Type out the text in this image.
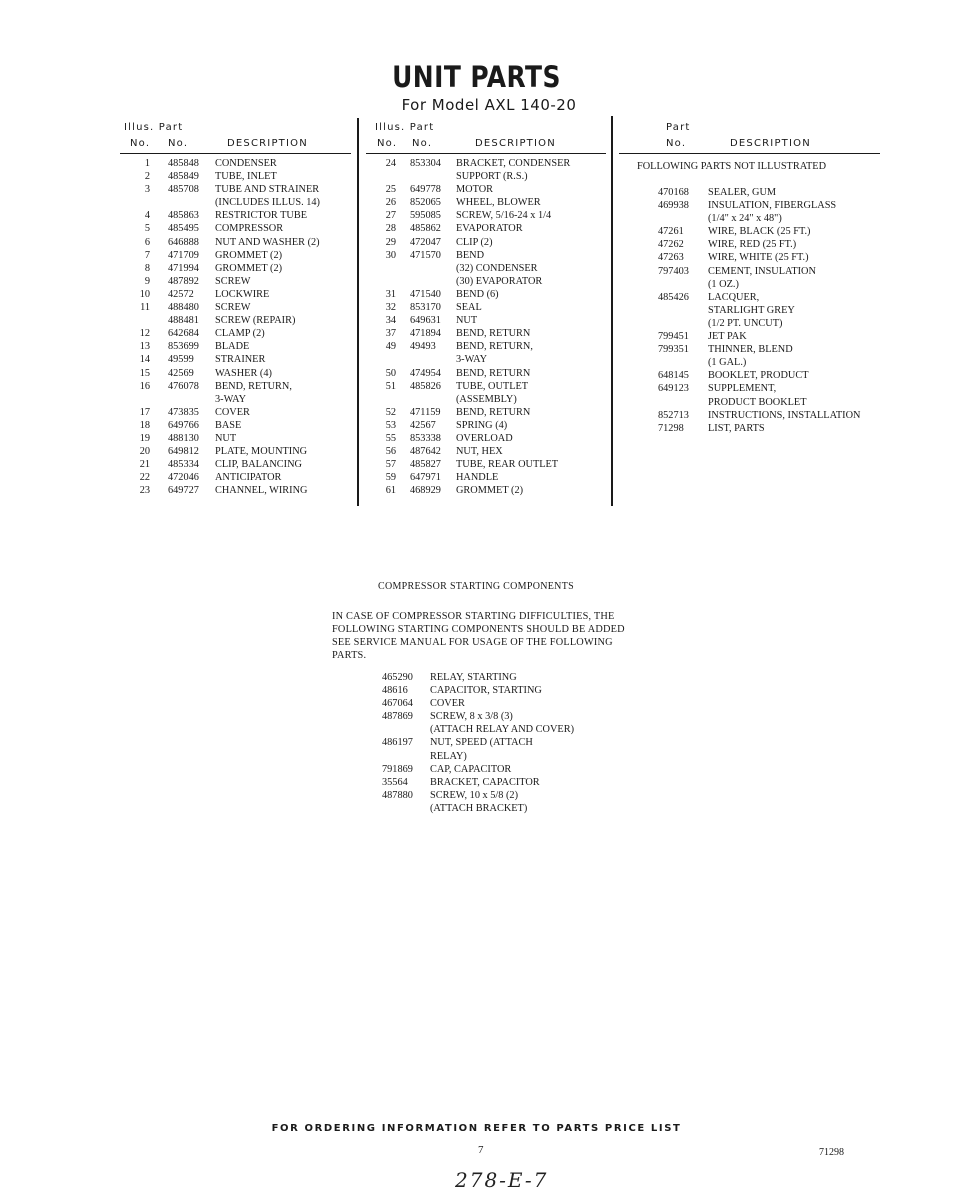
UNIT PARTS
For Model AXL 140-20
Illus. Part
No. No.	DESCRIPTION
Illus. Part
No. No.	DESCRIPTION
Part
No.	DESCRIPTION
FOLLOWING PARTS NOT ILLUSTRATED
1 485848 CONDENSER
2 485849 TUBE, INLET
3 485708 TUBE AND STRAINER
(INCLUDES ILLUS. 14)
4 485863 RESTRICTOR TUBE
5 485495 COMPRESSOR
6 646888 NUT AND WASHER (2)
7 471709 GROMMET (2)
8 471994 GROMMET (2)
9 487892 SCREW
10 42572 LOCKWIRE
11 488480 SCREW
488481 SCREW (REPAIR)
12 642684 CLAMP (2)
13 853699 BLADE
14 49599 STRAINER
15 42569 WASHER (4)
16 476078 BEND, RETURN,
3-WAY
17 473835 COVER
18 649766 BASE
19 488130 NUT
20 649812 PLATE, MOUNTING
21 485334 CLIP, BALANCING
22 472046 ANTICIPATOR
23 649727 CHANNEL, WIRING
24 853304 BRACKET, CONDENSER
SUPPORT (R.S.)
25 649778 MOTOR
26 852065 WHEEL, BLOWER
27 595085 SCREW, 5/16-24 x 1/4
28 485862 EVAPORATOR
29 472047 CLIP (2)
30 471570 BEND
(32) CONDENSER
(30) EVAPORATOR
31 471540 BEND (6)
32 853170 SEAL
34 649631 NUT
37 471894 BEND, RETURN
49 49493 BEND, RETURN,
3-WAY
50 474954 BEND, RETURN
51 485826 TUBE, OUTLET
(ASSEMBLY)
52 471159 BEND, RETURN
53 42567 SPRING (4)
55 853338 OVERLOAD
56 487642 NUT, HEX
57 485827 TUBE, REAR OUTLET
59 647971 HANDLE
61 468929 GROMMET (2)
470168 SEALER, GUM
469938 INSULATION, FIBERGLASS
(1/4" x 24" x 48")
47261 WIRE, BLACK (25 FT.)
47262 WIRE, RED (25 FT.)
47263 WIRE, WHITE (25 FT.)
797403 CEMENT, INSULATION
(1 OZ.)
485426 LACQUER,
STARLIGHT GREY
(1/2 PT. UNCUT)
799451 JET PAK
799351 THINNER, BLEND
(1 GAL.)
648145 BOOKLET, PRODUCT
649123 SUPPLEMENT,
PRODUCT BOOKLET
852713 INSTRUCTIONS, INSTALLATION
71298 LIST, PARTS
COMPRESSOR STARTING COMPONENTS
IN CASE OF COMPRESSOR STARTING DIFFICULTIES, THE
FOLLOWING STARTING COMPONENTS SHOULD BE ADDED
SEE SERVICE MANUAL FOR USAGE OF THE FOLLOWING
PARTS.
465290 RELAY, STARTING
48616 CAPACITOR, STARTING
467064 COVER
487869 SCREW, 8 x 3/8 (3)
(ATTACH RELAY AND COVER)
486197 NUT, SPEED (ATTACH
RELAY)
791869 CAP, CAPACITOR
35564 BRACKET, CAPACITOR
487880 SCREW, 10 x 5/8 (2)
(ATTACH BRACKET)
FOR ORDERING INFORMATION REFER TO PARTS PRICE LIST
7	71298
278-E-7
